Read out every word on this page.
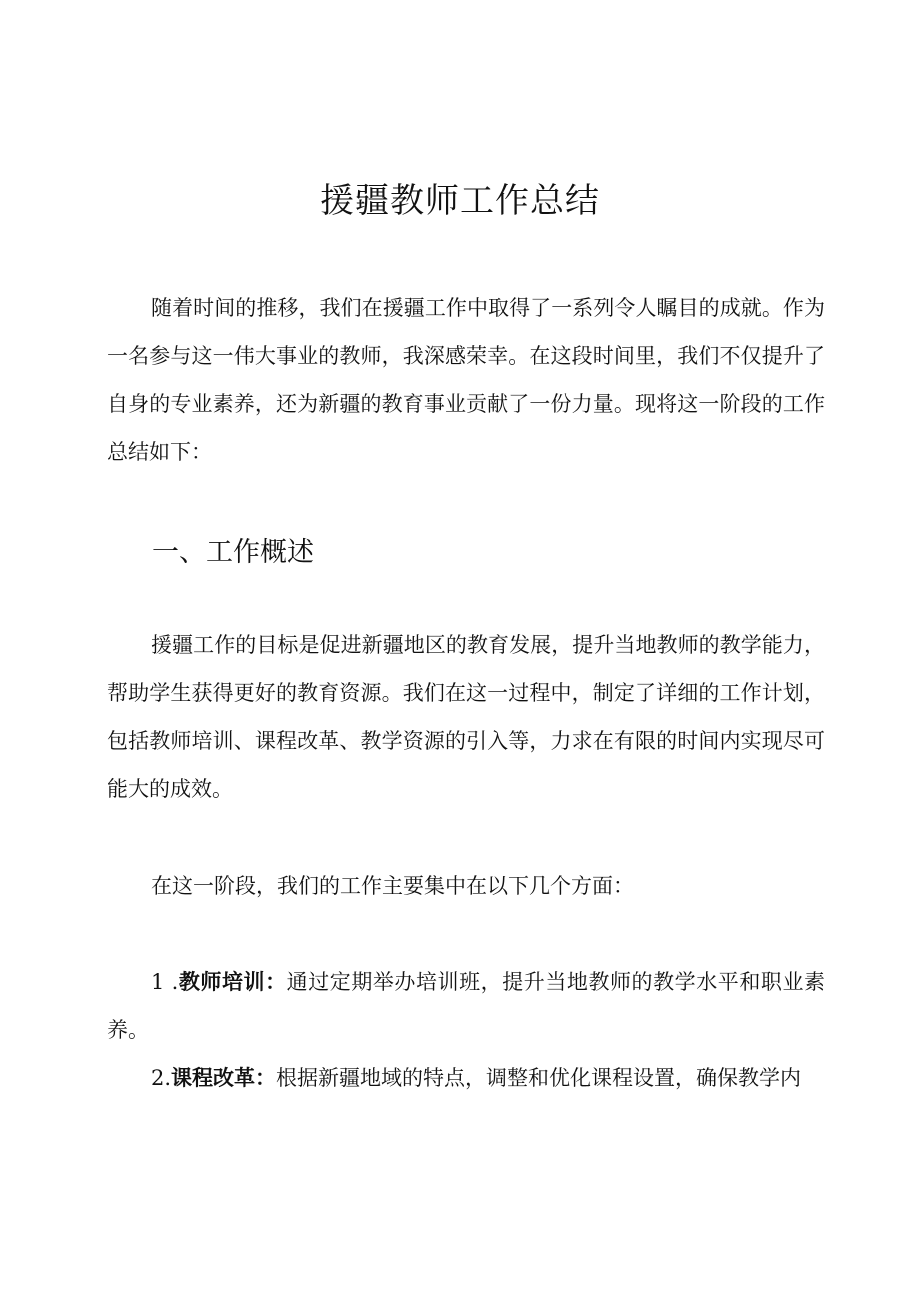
援疆教师工作总结

随着时间的推移，我们在援疆工作中取得了一系列令人瞩目的成就。作为一名参与这一伟大事业的教师，我深感荣幸。在这段时间里，我们不仅提升了自身的专业素养，还为新疆的教育事业贡献了一份力量。现将这一阶段的工作总结如下：

一、工作概述

援疆工作的目标是促进新疆地区的教育发展，提升当地教师的教学能力，帮助学生获得更好的教育资源。我们在这一过程中，制定了详细的工作计划，包括教师培训、课程改革、教学资源的引入等，力求在有限的时间内实现尽可能大的成效。

在这一阶段，我们的工作主要集中在以下几个方面：

1 .教师培训：通过定期举办培训班，提升当地教师的教学水平和职业素养。

2.课程改革：根据新疆地域的特点，调整和优化课程设置，确保教学内
